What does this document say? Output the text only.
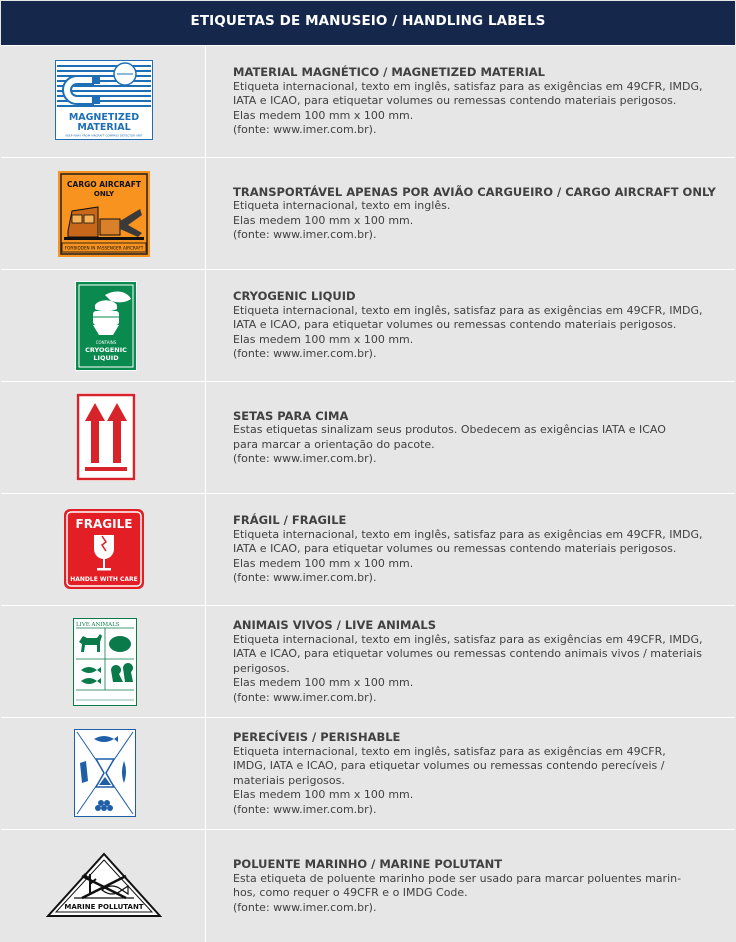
ETIQUETAS DE MANUSEIO / HANDLING LABELS
MAGNETIZED
MATERIAL
KEEP AWAY FROM AIRCRAFT COMPASS DETECTOR UNIT
MATERIAL MAGNÉTICO / MAGNETIZED MATERIAL
Etiqueta internacional, texto em inglês, satisfaz para as exigências em 49CFR, IMDG,
IATA e ICAO, para etiquetar volumes ou remessas contendo materiais perigosos.
Elas medem 100 mm x 100 mm.
(fonte: www.imer.com.br).
CARGO AIRCRAFT
ONLY
FORBIDDEN IN PASSENGER AIRCRAFT
TRANSPORTÁVEL APENAS POR AVIÃO CARGUEIRO / CARGO AIRCRAFT ONLY
Etiqueta internacional, texto em inglês.
Elas medem 100 mm x 100 mm.
(fonte: www.imer.com.br).
CONTAINS
CRYOGENIC
LIQUID
CRYOGENIC LIQUID
Etiqueta internacional, texto em inglês, satisfaz para as exigências em 49CFR, IMDG,
IATA e ICAO, para etiquetar volumes ou remessas contendo materiais perigosos.
Elas medem 100 mm x 100 mm.
(fonte: www.imer.com.br).
SETAS PARA CIMA
Estas etiquetas sinalizam seus produtos. Obedecem as exigências IATA e ICAO
para marcar a orientação do pacote.
(fonte: www.imer.com.br).
FRAGILE
HANDLE WITH CARE
FRÁGIL / FRAGILE
Etiqueta internacional, texto em inglês, satisfaz para as exigências em 49CFR, IMDG,
IATA e ICAO, para etiquetar volumes ou remessas contendo materiais perigosos.
Elas medem 100 mm x 100 mm.
(fonte: www.imer.com.br).
LIVE ANIMALS	ANIMAIS VIVOS / LIVE ANIMALS
Etiqueta internacional, texto em inglês, satisfaz para as exigências em 49CFR, IMDG,
IATA e ICAO, para etiquetar volumes ou remessas contendo animais vivos / materiais
perigosos.
Elas medem 100 mm x 100 mm.
(fonte: www.imer.com.br).
PERECÍVEIS / PERISHABLE
Etiqueta internacional, texto em inglês, satisfaz para as exigências em 49CFR,
IMDG, IATA e ICAO, para etiquetar volumes ou remessas contendo perecíveis /
materiais perigosos.
Elas medem 100 mm x 100 mm.
(fonte: www.imer.com.br).
MARINE POLLUTANT
POLUENTE MARINHO / MARINE POLUTANT
Esta etiqueta de poluente marinho pode ser usado para marcar poluentes marin-
hos, como requer o 49CFR e o IMDG Code.
(fonte: www.imer.com.br).
